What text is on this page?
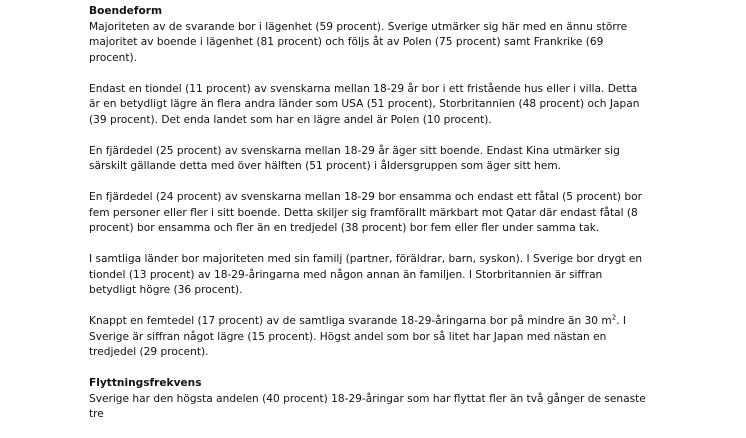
Boendeform

Majoriteten av de svarande bor i lägenhet (59 procent). Sverige utmärker sig här med en ännu större majoritet av boende i lägenhet (81 procent) och följs åt av Polen (75 procent) samt Frankrike (69 procent).

Endast en tiondel (11 procent) av svenskarna mellan 18-29 år bor i ett fristående hus eller i villa. Detta är en betydligt lägre än flera andra länder som USA (51 procent), Storbritannien (48 procent) och Japan (39 procent). Det enda landet som har en lägre andel är Polen (10 procent).

En fjärdedel (25 procent) av svenskarna mellan 18-29 år äger sitt boende. Endast Kina utmärker sig särskilt gällande detta med över hälften (51 procent) i åldersgruppen som äger sitt hem.

En fjärdedel (24 procent) av svenskarna mellan 18-29 bor ensamma och endast ett fåtal (5 procent) bor fem personer eller fler i sitt boende. Detta skiljer sig framförallt märkbart mot Qatar där endast fåtal (8 procent) bor ensamma och fler än en tredjedel (38 procent) bor fem eller fler under samma tak.

I samtliga länder bor majoriteten med sin familj (partner, föräldrar, barn, syskon). I Sverige bor drygt en tiondel (13 procent) av 18-29-åringarna med någon annan än familjen. I Storbritannien är siffran betydligt högre (36 procent).

Knappt en femtedel (17 procent) av de samtliga svarande 18-29-åringarna bor på mindre än 30 $m^2$. I Sverige är siffran något lägre (15 procent). Högst andel som bor så litet har Japan med nästan en tredjedel (29 procent).

Flyttningsfrekvens

Sverige har den högsta andelen (40 procent) 18-29-åringar som har flyttat fler än två gånger de senaste tre
